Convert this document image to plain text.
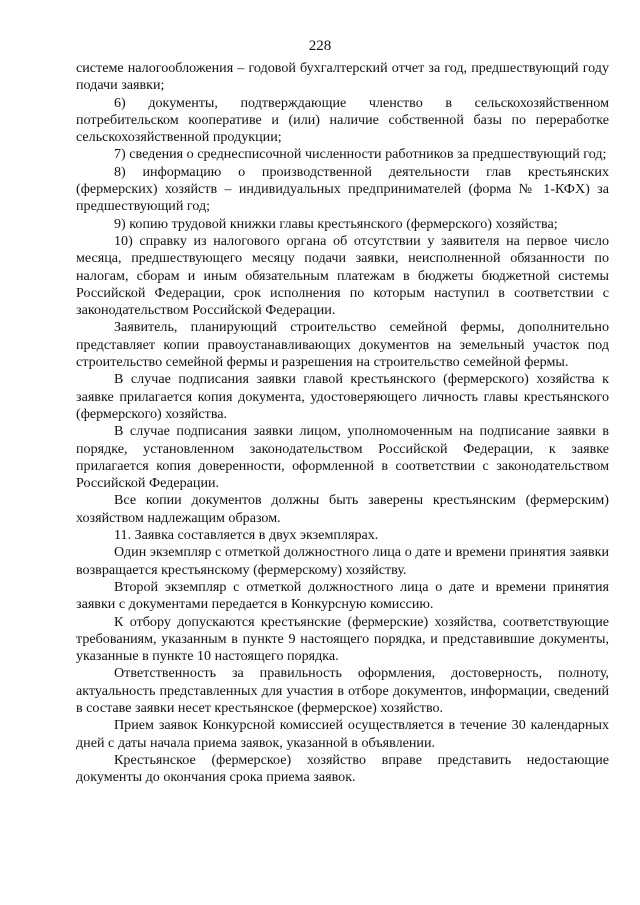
228

системе налогообложения – годовой бухгалтерский отчет за год, предшествующий году подачи заявки;

6) документы, подтверждающие членство в сельскохозяйственном потребительском кооперативе и (или) наличие собственной базы по переработке сельскохозяйственной продукции;

7) сведения о среднесписочной численности работников за предшествующий год;

8) информацию о производственной деятельности глав крестьянских (фермерских) хозяйств – индивидуальных предпринимателей (форма № 1-КФХ) за предшествующий год;

9) копию трудовой книжки главы крестьянского (фермерского) хозяйства;

10) справку из налогового органа об отсутствии у заявителя на первое число месяца, предшествующего месяцу подачи заявки, неисполненной обязанности по налогам, сборам и иным обязательным платежам в бюджеты бюджетной системы Российской Федерации, срок исполнения по которым наступил в соответствии с законодательством Российской Федерации.

Заявитель, планирующий строительство семейной фермы, дополнительно представляет копии правоустанавливающих документов на земельный участок под строительство семейной фермы и разрешения на строительство семейной фермы.

В случае подписания заявки главой крестьянского (фермерского) хозяйства к заявке прилагается копия документа, удостоверяющего личность главы крестьянского (фермерского) хозяйства.

В случае подписания заявки лицом, уполномоченным на подписание заявки в порядке, установленном законодательством Российской Федерации, к заявке прилагается копия доверенности, оформленной в соответствии с законодательством Российской Федерации.

Все копии документов должны быть заверены крестьянским (фермерским) хозяйством надлежащим образом.

11. Заявка составляется в двух экземплярах.

Один экземпляр с отметкой должностного лица о дате и времени принятия заявки возвращается крестьянскому (фермерскому) хозяйству.

Второй экземпляр с отметкой должностного лица о дате и времени принятия заявки с документами передается в Конкурсную комиссию.

К отбору допускаются крестьянские (фермерские) хозяйства, соответствующие требованиям, указанным в пункте 9 настоящего порядка, и представившие документы, указанные в пункте 10 настоящего порядка.

Ответственность за правильность оформления, достоверность, полноту, актуальность представленных для участия в отборе документов, информации, сведений в составе заявки несет крестьянское (фермерское) хозяйство.

Прием заявок Конкурсной комиссией осуществляется в течение 30 календарных дней с даты начала приема заявок, указанной в объявлении.

Крестьянское (фермерское) хозяйство вправе представить недостающие документы до окончания срока приема заявок.
